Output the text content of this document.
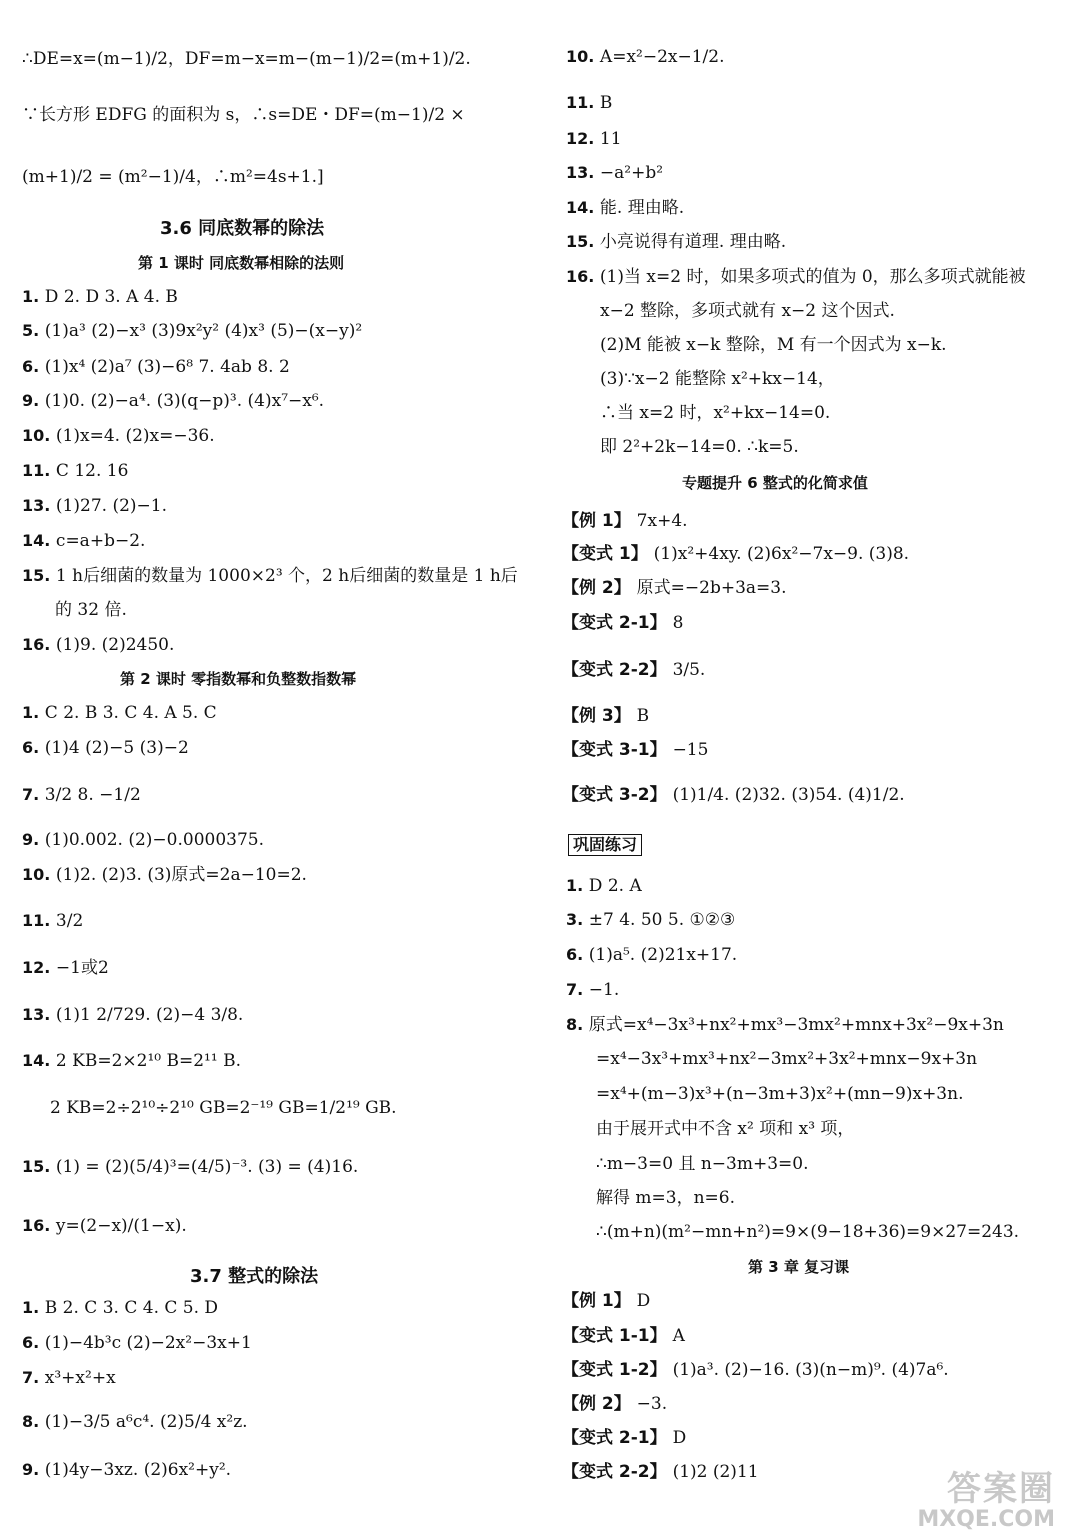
∴DE=x=(m−1)/2，DF=m−x=m−(m−1)/2=(m+1)/2.
∵长方形 EDFG 的面积为 s，∴s=DE・DF=(m−1)/2 ×
(m+1)/2 = (m²−1)/4，∴m²=4s+1.]
3.6 同底数幂的除法
第 1 课时 同底数幂相除的法则
1. D 2. D 3. A 4. B
5. (1)a³ (2)−x³ (3)9x²y² (4)x³ (5)−(x−y)²
6. (1)x⁴ (2)a⁷ (3)−6⁸ 7. 4ab 8. 2
9. (1)0. (2)−a⁴. (3)(q−p)³. (4)x⁷−x⁶.
10. (1)x=4. (2)x=−36.
11. C 12. 16
13. (1)27. (2)−1.
14. c=a+b−2.
15. 1 h后细菌的数量为 1000×2³ 个，2 h后细菌的数量是 1 h后
的 32 倍.
16. (1)9. (2)2450.
第 2 课时 零指数幂和负整数指数幂
1. C 2. B 3. C 4. A 5. C
6. (1)4 (2)−5 (3)−2
7. 3/2 8. −1/2
9. (1)0.002. (2)−0.0000375.
10. (1)2. (2)3. (3)原式=2a−10=2.
11. 3/2
12. −1或2
13. (1)1 2/729. (2)−4 3/8.
14. 2 KB=2×2¹⁰ B=2¹¹ B.
2 KB=2÷2¹⁰÷2¹⁰ GB=2⁻¹⁹ GB=1/2¹⁹ GB.
15. (1) = (2)(5/4)³=(4/5)⁻³. (3) = (4)16.
16. y=(2−x)/(1−x).
3.7 整式的除法
1. B 2. C 3. C 4. C 5. D
6. (1)−4b³c (2)−2x²−3x+1
7. x³+x²+x
8. (1)−3/5 a⁶c⁴. (2)5/4 x²z.
9. (1)4y−3xz. (2)6x²+y².
10. A=x²−2x−1/2.
11. B
12. 11
13. −a²+b²
14. 能. 理由略.
15. 小亮说得有道理. 理由略.
16. (1)当 x=2 时，如果多项式的值为 0，那么多项式就能被
x−2 整除，多项式就有 x−2 这个因式.
(2)M 能被 x−k 整除，M 有一个因式为 x−k.
(3)∵x−2 能整除 x²+kx−14，
∴当 x=2 时，x²+kx−14=0.
即 2²+2k−14=0. ∴k=5.
专题提升 6 整式的化简求值
【例 1】 7x+4.
【变式 1】 (1)x²+4xy. (2)6x²−7x−9. (3)8.
【例 2】 原式=−2b+3a=3.
【变式 2-1】 8
【变式 2-2】 3/5.
【例 3】 B
【变式 3-1】 −15
【变式 3-2】 (1)1/4. (2)32. (3)54. (4)1/2.
巩固练习
1. D 2. A
3. ±7 4. 50 5. ①②③
6. (1)a⁵. (2)21x+17.
7. −1.
8. 原式=x⁴−3x³+nx²+mx³−3mx²+mnx+3x²−9x+3n
=x⁴−3x³+mx³+nx²−3mx²+3x²+mnx−9x+3n
=x⁴+(m−3)x³+(n−3m+3)x²+(mn−9)x+3n.
由于展开式中不含 x² 项和 x³ 项，
∴m−3=0 且 n−3m+3=0.
解得 m=3，n=6.
∴(m+n)(m²−mn+n²)=9×(9−18+36)=9×27=243.
第 3 章 复习课
【例 1】 D
【变式 1-1】 A
【变式 1-2】 (1)a³. (2)−16. (3)(n−m)⁹. (4)7a⁶.
【例 2】 −3.
【变式 2-1】 D
【变式 2-2】 (1)2 (2)11	答案圈
MXQE.COM
